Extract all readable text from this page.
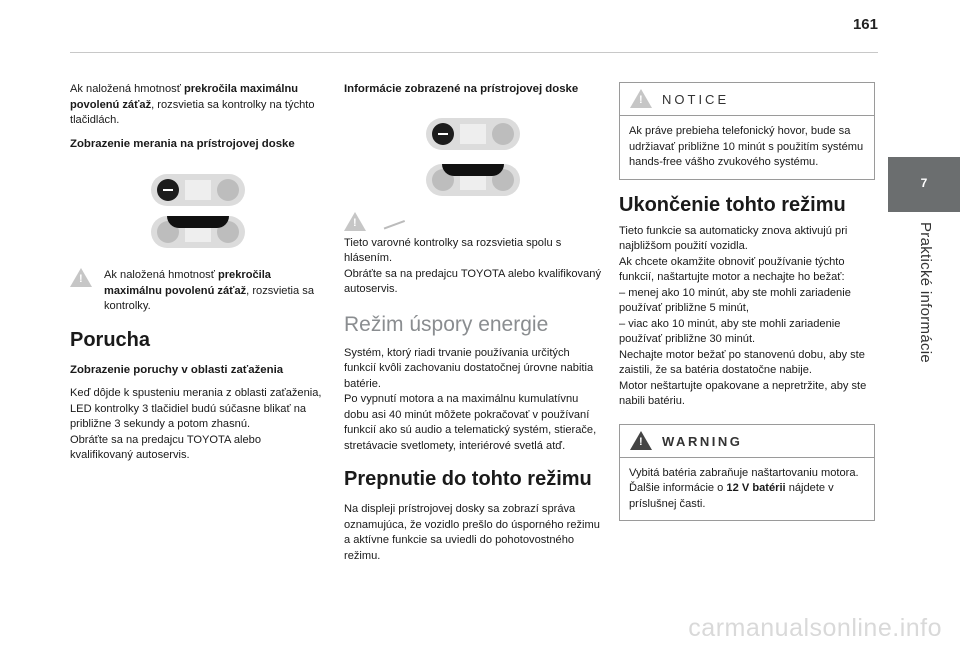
161
7
Praktické informácie

Ak naložená hmotnosť prekročila maximálnu povolenú záťaž, rozsvietia sa kontrolky na týchto tlačidlách.

Zobrazenie merania na prístrojovej doske
!
Ak naložená hmotnosť prekročila maximálnu povolenú záťaž, rozsvietia sa kontrolky.
Porucha
Zobrazenie poruchy v oblasti zaťaženia

Keď dôjde k spusteniu merania z oblasti zaťaženia, LED kontrolky 3 tlačidiel budú súčasne blikať na približne 3 sekundy a potom zhasnú.

Obráťte sa na predajcu TOYOTA alebo kvalifikovaný autoservis.

Informácie zobrazené na prístrojovej doske
!

Tieto varovné kontrolky sa rozsvietia spolu s hlásením.

Obráťte sa na predajcu TOYOTA alebo kvalifikovaný autoservis.

Režim úspory energie

Systém, ktorý riadi trvanie používania určitých funkcií kvôli zachovaniu dostatočnej úrovne nabitia batérie.

Po vypnutí motora a na maximálnu kumulatívnu dobu asi 40 minút môžete pokračovať v používaní funkcií ako sú audio a telematický systém, stierače, stretávacie svetlomety, interiérové svetlá atď.

Prepnutie do tohto režimu

Na displeji prístrojovej dosky sa zobrazí správa oznamujúca, že vozidlo prešlo do úsporného režimu a aktívne funkcie sa uviedli do pohotovostného režimu.

!
NOTICE
Ak práve prebieha telefonický hovor, bude sa udržiavať približne 10 minút s použitím systému hands-free vášho zvukového systému.
Ukončenie tohto režimu
Tieto funkcie sa automaticky znova aktivujú pri najbližšom použití vozidla.
Ak chcete okamžite obnoviť používanie týchto funkcií, naštartujte motor a nechajte ho bežať:
– menej ako 10 minút, aby ste mohli zariadenie používať približne 5 minút,
– viac ako 10 minút, aby ste mohli zariadenie používať približne 30 minút.
Nechajte motor bežať po stanovenú dobu, aby ste zaistili, že sa batéria dostatočne nabije.
Motor neštartujte opakovane a nepretržite, aby ste nabili batériu.
!
WARNING
Vybitá batéria zabraňuje naštartovaniu motora.
Ďalšie informácie o 12 V batérii nájdete v príslušnej časti.
carmanualsonline.info
